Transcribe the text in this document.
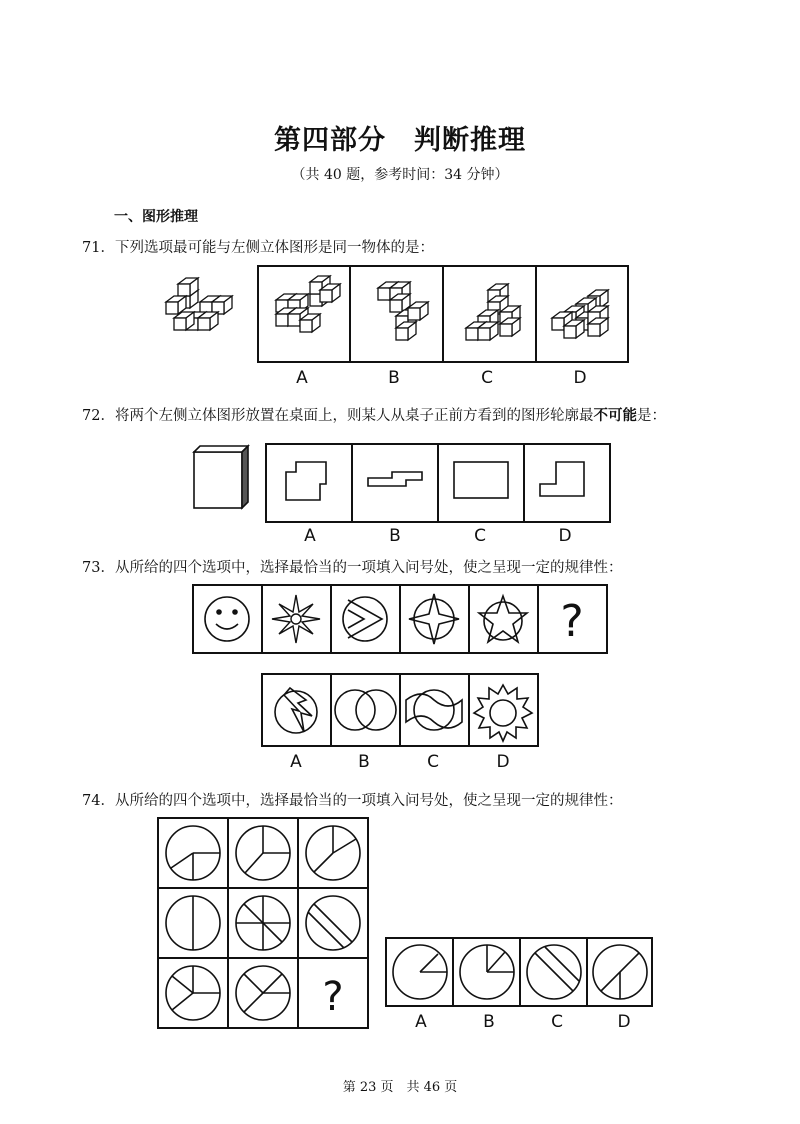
第四部分　判断推理
（共 40 题，参考时间：34 分钟）
一、图形推理
71．下列选项最可能与左侧立体图形是同一物体的是：
72．将两个左侧立体图形放置在桌面上，则某人从桌子正前方看到的图形轮廓最不可能是：
73．从所给的四个选项中，选择最恰当的一项填入问号处，使之呈现一定的规律性：
74．从所给的四个选项中，选择最恰当的一项填入问号处，使之呈现一定的规律性：
A	B	C	D
A	B	C	D
A	B	C	D
A	B	C	D
第 23 页　共 46 页
?
?
